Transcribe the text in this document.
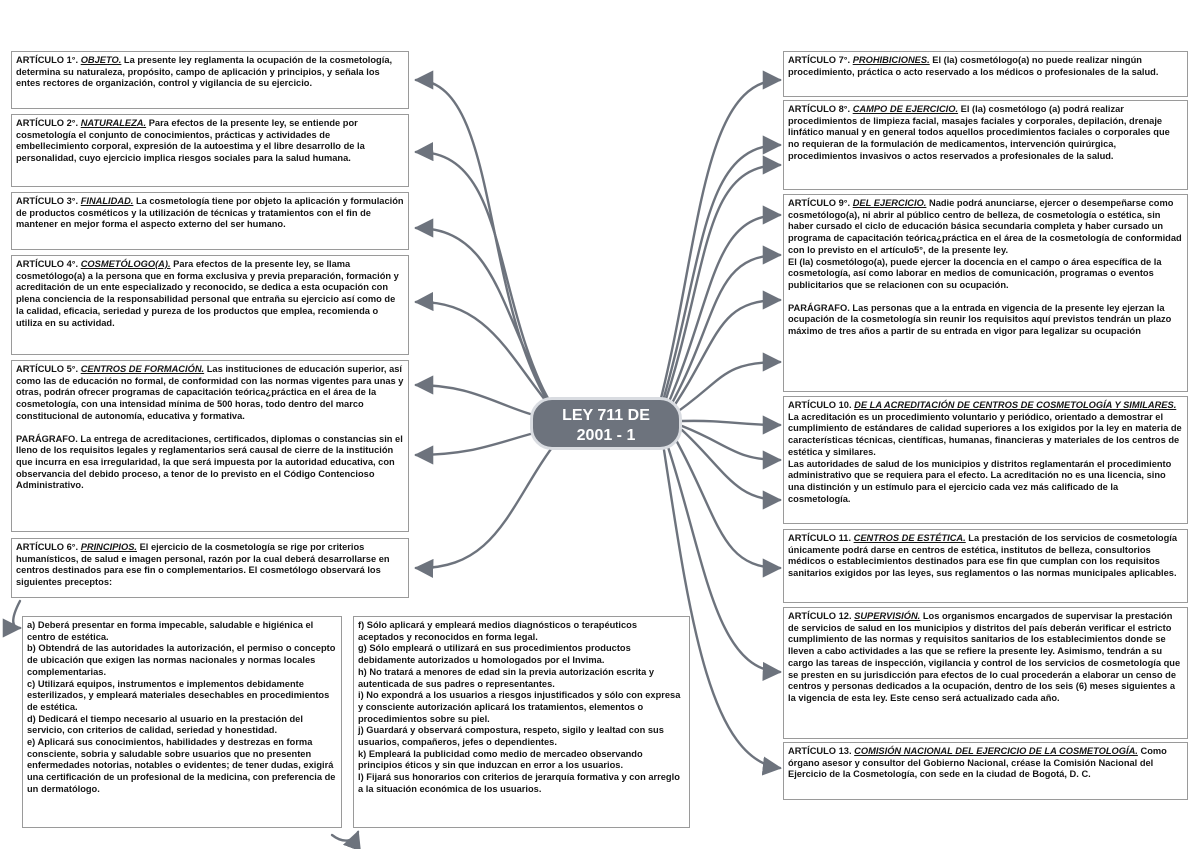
LEY 711 DE
2001 - 1

ARTÍCULO 1°. OBJETO. La presente ley reglamenta la ocupación de la cosmetología, determina su naturaleza, propósito, campo de aplicación y principios, y señala los entes rectores de organización, control y vigilancia de su ejercicio.

ARTÍCULO 2°. NATURALEZA. Para efectos de la presente ley, se entiende por cosmetología el conjunto de conocimientos, prácticas y actividades de embellecimiento corporal, expresión de la autoestima y el libre desarrollo de la personalidad, cuyo ejercicio implica riesgos sociales para la salud humana.

ARTÍCULO 3°. FINALIDAD. La cosmetología tiene por objeto la aplicación y formulación de productos cosméticos y la utilización de técnicas y tratamientos con el fin de mantener en mejor forma el aspecto externo del ser humano.

ARTÍCULO 4°. COSMETÓLOGO(A). Para efectos de la presente ley, se llama cosmetólogo(a) a la persona que en forma exclusiva y previa preparación, formación y acreditación de un ente especializado y reconocido, se dedica a esta ocupación con plena conciencia de la responsabilidad personal que entraña su ejercicio así como de la calidad, eficacia, seriedad y pureza de los productos que emplea, recomienda o utiliza en su actividad.

ARTÍCULO 5°. CENTROS DE FORMACIÓN. Las instituciones de educación superior, así como las de educación no formal, de conformidad con las normas vigentes para unas y otras, podrán ofrecer programas de capacitación teórica¿práctica en el área de la cosmetología, con una intensidad mínima de 500 horas, todo dentro del marco constitucional de autonomía, educativa y formativa.

PARÁGRAFO. La entrega de acreditaciones, certificados, diplomas o constancias sin el lleno de los requisitos legales y reglamentarios será causal de cierre de la institución que incurra en esa irregularidad, la que será impuesta por la autoridad educativa, con observancia del debido proceso, a tenor de lo previsto en el Código Contencioso Administrativo.

ARTÍCULO 6°. PRINCIPIOS. El ejercicio de la cosmetología se rige por criterios humanísticos, de salud e imagen personal, razón por la cual deberá desarrollarse en centros destinados para ese fin o complementarios. El cosmetólogo observará los siguientes preceptos:

a) Deberá presentar en forma impecable, saludable e higiénica el centro de estética.

b) Obtendrá de las autoridades la autorización, el permiso o concepto de ubicación que exigen las normas nacionales y normas locales complementarias.

c) Utilizará equipos, instrumentos e implementos debidamente esterilizados, y empleará materiales desechables en procedimientos de estética.

d) Dedicará el tiempo necesario al usuario en la prestación del servicio, con criterios de calidad, seriedad y honestidad.

e) Aplicará sus conocimientos, habilidades y destrezas en forma consciente, sobria y saludable sobre usuarios que no presenten enfermedades notorias, notables o evidentes; de tener dudas, exigirá una certificación de un profesional de la medicina, con preferencia de un dermatólogo.

f) Sólo aplicará y empleará medios diagnósticos o terapéuticos aceptados y reconocidos en forma legal.

g) Sólo empleará o utilizará en sus procedimientos productos debidamente autorizados u homologados por el Invima.

h) No tratará a menores de edad sin la previa autorización escrita y autenticada de sus padres o representantes.

i) No expondrá a los usuarios a riesgos injustificados y sólo con expresa y consciente autorización aplicará los tratamientos, elementos o procedimientos sobre su piel.

j) Guardará y observará compostura, respeto, sigilo y lealtad con sus usuarios, compañeros, jefes o dependientes.

k) Empleará la publicidad como medio de mercadeo observando principios éticos y sin que induzcan en error a los usuarios.

l) Fijará sus honorarios con criterios de jerarquía formativa y con arreglo a la situación económica de los usuarios.

ARTÍCULO 7°. PROHIBICIONES. El (la) cosmetólogo(a) no puede realizar ningún procedimiento, práctica o acto reservado a los médicos o profesionales de la salud.

ARTÍCULO 8°. CAMPO DE EJERCICIO. El (la) cosmetólogo (a) podrá realizar procedimientos de limpieza facial, masajes faciales y corporales, depilación, drenaje linfático manual y en general todos aquellos procedimientos faciales o corporales que no requieran de la formulación de medicamentos, intervención quirúrgica, procedimientos invasivos o actos reservados a profesionales de la salud.

ARTÍCULO 9°. DEL EJERCICIO. Nadie podrá anunciarse, ejercer o desempeñarse como cosmetólogo(a), ni abrir al público centro de belleza, de cosmetología o estética, sin haber cursado el ciclo de educación básica secundaria completa y haber cursado un programa de capacitación teórica¿práctica en el área de la cosmetología de conformidad con lo previsto en el artículo5°, de la presente ley.

El (la) cosmetólogo(a), puede ejercer la docencia en el campo o área específica de la cosmetología, así como laborar en medios de comunicación, programas o eventos publicitarios que se relacionen con su ocupación.

PARÁGRAFO. Las personas que a la entrada en vigencia de la presente ley ejerzan la ocupación de la cosmetología sin reunir los requisitos aquí previstos tendrán un plazo máximo de tres años a partir de su entrada en vigor para legalizar su ocupación

ARTÍCULO 10. DE LA ACREDITACIÓN DE CENTROS DE COSMETOLOGÍA Y SIMILARES. La acreditación es un procedimiento voluntario y periódico, orientado a demostrar el cumplimiento de estándares de calidad superiores a los exigidos por la ley en materia de características técnicas, científicas, humanas, financieras y materiales de los centros de estética y similares.

Las autoridades de salud de los municipios y distritos reglamentarán el procedimiento administrativo que se requiera para el efecto. La acreditación no es una licencia, sino una distinción y un estímulo para el ejercicio cada vez más calificado de la cosmetología.

ARTÍCULO 11. CENTROS DE ESTÉTICA. La prestación de los servicios de cosmetología únicamente podrá darse en centros de estética, institutos de belleza, consultorios médicos o establecimientos destinados para ese fin que cumplan con los requisitos sanitarios exigidos por las leyes, sus reglamentos o las normas municipales aplicables.

ARTÍCULO 12. SUPERVISIÓN. Los organismos encargados de supervisar la prestación de servicios de salud en los municipios y distritos del país deberán verificar el estricto cumplimiento de las normas y requisitos sanitarios de los establecimientos donde se lleven a cabo actividades a las que se refiere la presente ley. Asimismo, tendrán a su cargo las tareas de inspección, vigilancia y control de los servicios de cosmetología que se presten en su jurisdicción para efectos de lo cual procederán a elaborar un censo de centros y personas dedicados a la ocupación, dentro de los seis (6) meses siguientes a la vigencia de esta ley. Este censo será actualizado cada año.

ARTÍCULO 13. COMISIÓN NACIONAL DEL EJERCICIO DE LA COSMETOLOGÍA. Como órgano asesor y consultor del Gobierno Nacional, créase la Comisión Nacional del Ejercicio de la Cosmetología, con sede en la ciudad de Bogotá, D. C.
